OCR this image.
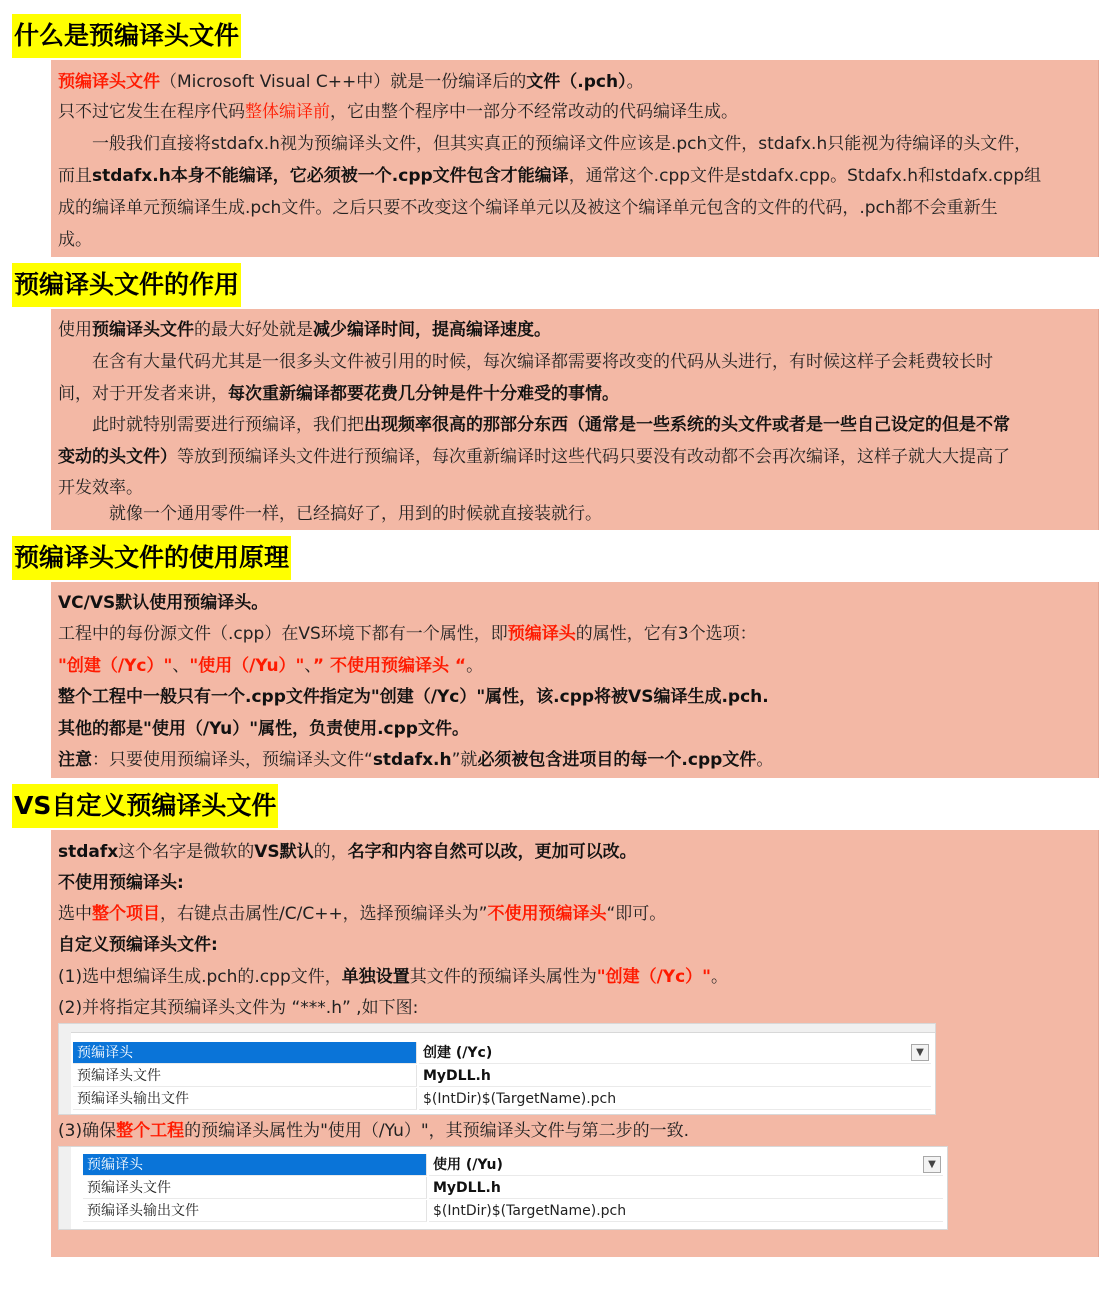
什么是预编译头文件
预编译头文件（Microsoft Visual C++中）就是一份编译后的文件（.pch）。
只不过它发生在程序代码整体编译前，它由整个程序中一部分不经常改动的代码编译生成。
　　一般我们直接将stdafx.h视为预编译头文件，但其实真正的预编译文件应该是.pch文件，stdafx.h只能视为待编译的头文件，
而且stdafx.h本身不能编译，它必须被一个.cpp文件包含才能编译，通常这个.cpp文件是stdafx.cpp。Stdafx.h和stdafx.cpp组
成的编译单元预编译生成.pch文件。之后只要不改变这个编译单元以及被这个编译单元包含的文件的代码，.pch都不会重新生
成。
预编译头文件的作用
使用预编译头文件的最大好处就是减少编译时间，提高编译速度。
　　在含有大量代码尤其是一很多头文件被引用的时候，每次编译都需要将改变的代码从头进行，有时候这样子会耗费较长时
间，对于开发者来讲，每次重新编译都要花费几分钟是件十分难受的事情。
　　此时就特别需要进行预编译，我们把出现频率很高的那部分东西（通常是一些系统的头文件或者是一些自己设定的但是不常
变动的头文件）等放到预编译头文件进行预编译，每次重新编译时这些代码只要没有改动都不会再次编译，这样子就大大提高了
开发效率。
　　　就像一个通用零件一样，已经搞好了，用到的时候就直接装就行。
预编译头文件的使用原理
VC/VS默认使用预编译头。
工程中的每份源文件（.cpp）在VS环境下都有一个属性，即预编译头的属性，它有3个选项：
"创建（/Yc）"、"使用（/Yu）"、” 不使用预编译头 “。
整个工程中一般只有一个.cpp文件指定为"创建（/Yc）"属性，该.cpp将被VS编译生成.pch.
其他的都是"使用（/Yu）"属性，负责使用.cpp文件。
注意：只要使用预编译头，预编译头文件“stdafx.h”就必须被包含进项目的每一个.cpp文件。
VS自定义预编译头文件
stdafx这个名字是微软的VS默认的，名字和内容自然可以改，更加可以改。
不使用预编译头:
选中整个项目，右键点击属性/C/C++，选择预编译头为”不使用预编译头“即可。
自定义预编译头文件:
(1)选中想编译生成.pch的.cpp文件，单独设置其文件的预编译头属性为"创建（/Yc）"。
(2)并将指定其预编译头文件为 “***.h” ,如下图:
预编译头	创建 (/Yc)	▼
预编译头文件	MyDLL.h
预编译头输出文件	$(IntDir)$(TargetName).pch
(3)确保整个工程的预编译头属性为"使用（/Yu）"，其预编译头文件与第二步的一致.
预编译头	使用 (/Yu)	▼
预编译头文件	MyDLL.h
预编译头输出文件	$(IntDir)$(TargetName).pch
